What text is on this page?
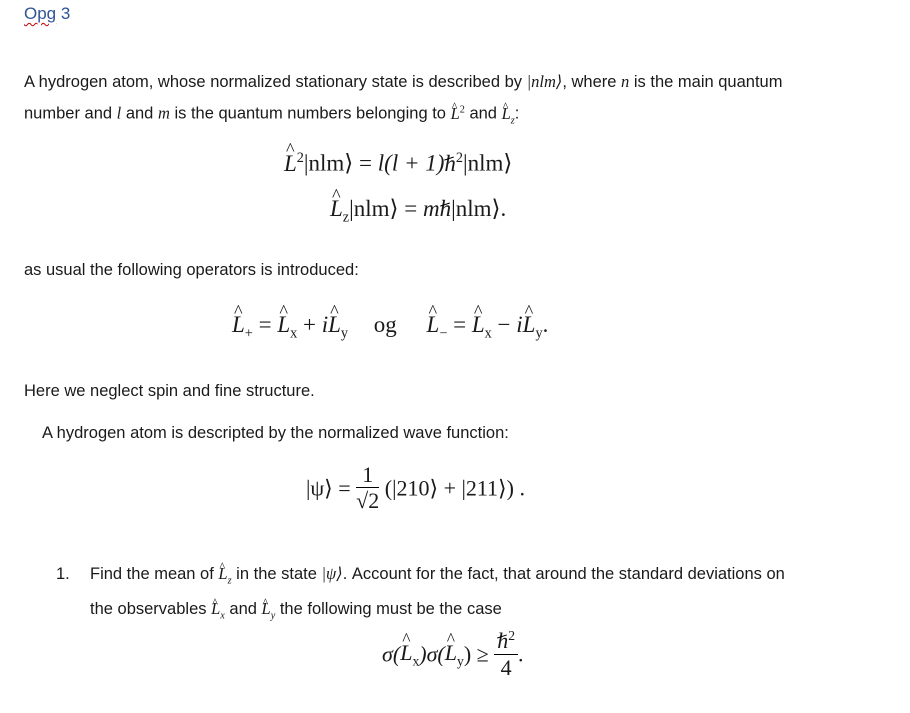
Opg 3
A hydrogen atom, whose normalized stationary state is described by |nlm⟩, where n is the main quantum
number and l and m is the quantum numbers belonging to ^ $L^2$ and ^ $L_z$:
^ $L^2|nlm⟩ = l(l$ + $1)h^2|nlm⟩$
^ $L_z|nlm⟩$ = mh|nlm⟩.
as usual the following operators is introduced:
^ $L_+$ = ^ $L_x$ + i^ $L_y$ og ^ $L_-$ = ^ $L_x$ − i^ $L_y$.
Here we neglect spin and fine structure.
A hydrogen atom is descripted by the normalized wave function:
|ψ⟩ = $\frac{1}{√2}$ (|210⟩ + |211⟩) .
1. Find the mean of ^ $L_z$ in the state |ψ⟩. Account for the fact, that around the standard deviations on
the observables ^ $L_x$ and ^ $L_y$ the following must be the case
σ(^ $L_x)\sigma(\^{}$ $L_y) \ge \frac{h^2}{4}$ .
